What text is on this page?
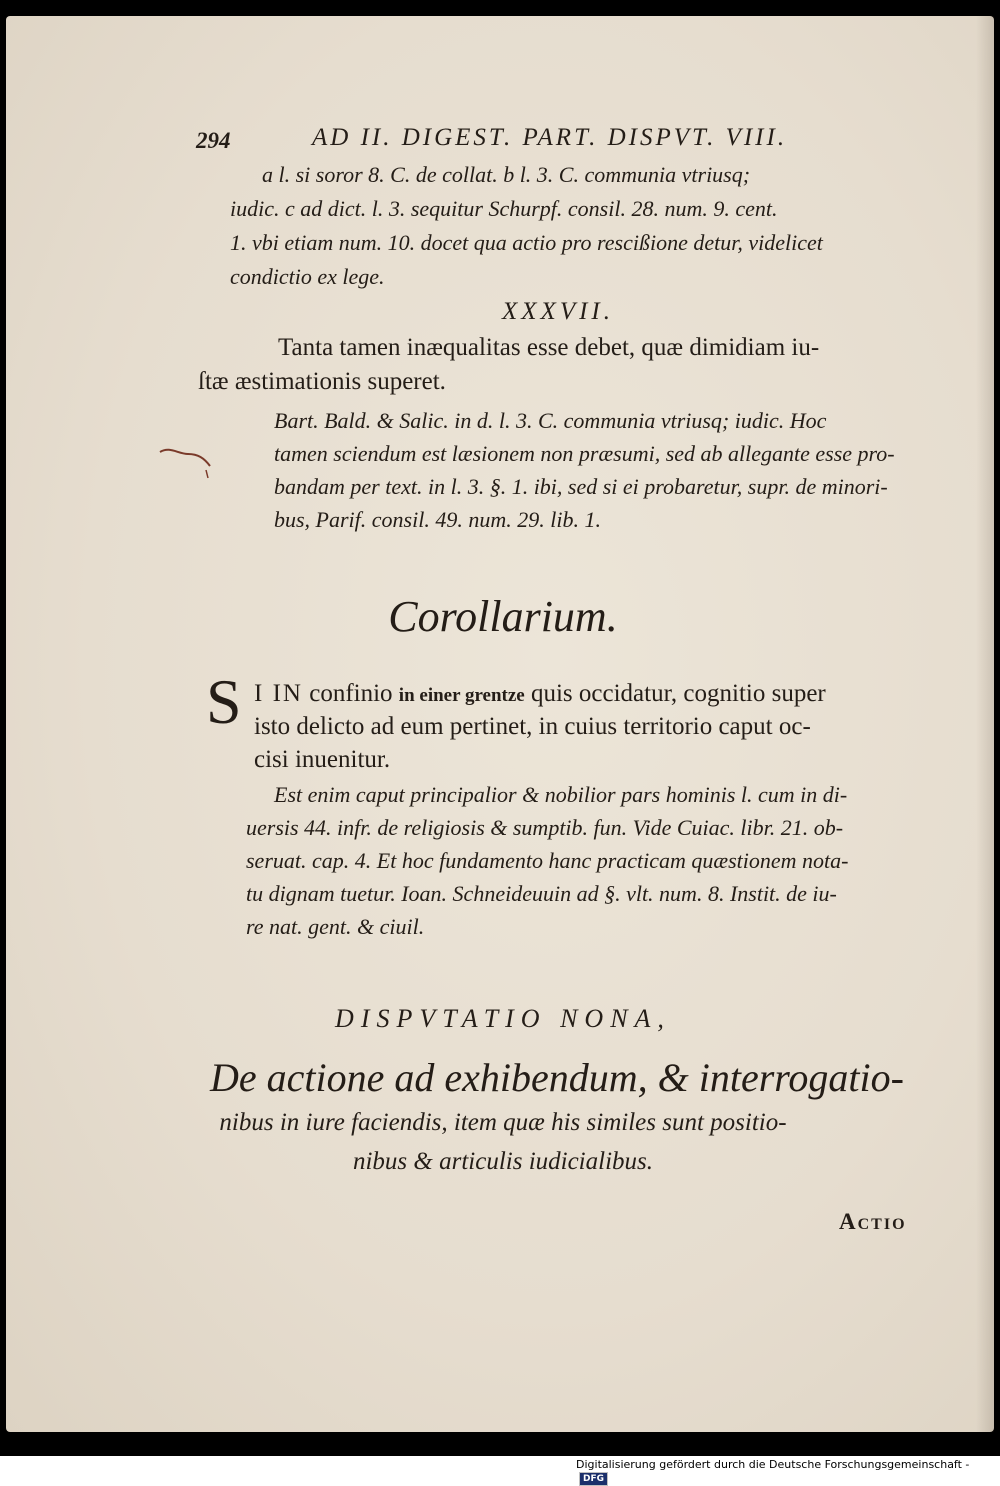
294	AD II. DIGEST. PART. DISPVT. VIII.
a l. si soror 8. C. de collat. b l. 3. C. communia vtriusq;
iudic. c ad dict. l. 3. sequitur Schurpf. consil. 28. num. 9. cent.
1. vbi etiam num. 10. docet qua actio pro rescißione detur, videlicet
condictio ex lege.
XXXVII.
Tanta tamen inæqualitas esse debet, quæ dimidiam iu-
ſtæ æstimationis superet.
Bart. Bald. & Salic. in d. l. 3. C. communia vtriusq; iudic. Hoc
tamen sciendum est læsionem non præsumi, sed ab allegante esse pro-
bandam per text. in l. 3. §. 1. ibi, sed si ei probaretur, supr. de minori-
bus, Parif. consil. 49. num. 29. lib. 1.
Corollarium.
S I IN confinio in einer grentze quis occidatur, cognitio super
isto delicto ad eum pertinet, in cuius territorio caput oc-
cisi inuenitur.
Est enim caput principalior & nobilior pars hominis l. cum in di-
uersis 44. infr. de religiosis & sumptib. fun. Vide Cuiac. libr. 21. ob-
seruat. cap. 4. Et hoc fundamento hanc practicam quæstionem nota-
tu dignam tuetur. Ioan. Schneideuuin ad §. vlt. num. 8. Instit. de iu-
re nat. gent. & ciuil.
DISPVTATIO NONA,
De actione ad exhibendum, & interrogatio-
nibus in iure faciendis, item quæ his similes sunt positio-
nibus & articulis iudicialibus.
Actio
Digitalisierung gefördert durch die Deutsche Forschungsgemeinschaft - DFG
